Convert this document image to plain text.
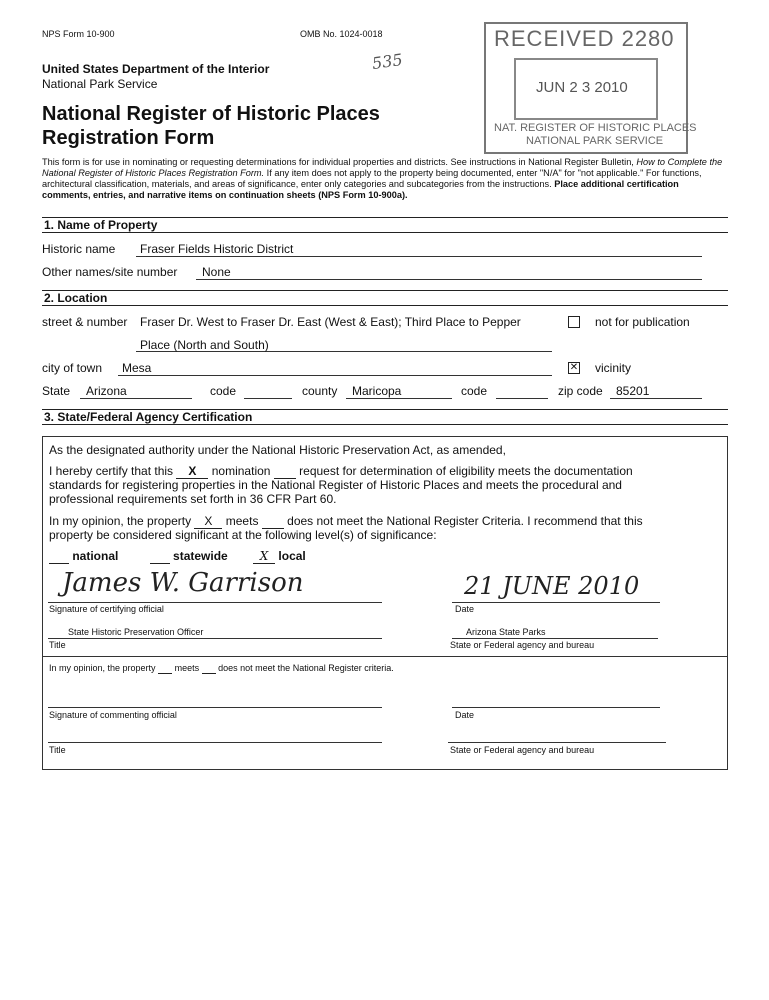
NPS Form 10-900	OMB No. 1024-0018
United States Department of the Interior
National Park Service
535
National Register of Historic Places
Registration Form
RECEIVED 2280
JUN 2 3 2010
NAT. REGISTER OF HISTORIC PLACES
NATIONAL PARK SERVICE
This form is for use in nominating or requesting determinations for individual properties and districts. See instructions in National Register Bulletin, How to Complete the National Register of Historic Places Registration Form. If any item does not apply to the property being documented, enter "N/A" for "not applicable." For functions, architectural classification, materials, and areas of significance, enter only categories and subcategories from the instructions. Place additional certification comments, entries, and narrative items on continuation sheets (NPS Form 10-900a).
1. Name of Property
Historic name Fraser Fields Historic District
Other names/site number None
2. Location
street & number Fraser Dr. West to Fraser Dr. East (West & East); Third Place to Pepper
Place (North and South)
not for publication
city of town Mesa	✕ vicinity
State Arizona	code	county Maricopa	code	zip code 85201
3. State/Federal Agency Certification
As the designated authority under the National Historic Preservation Act, as amended,
I hereby certify that this X nomination request for determination of eligibility meets the documentation
standards for registering properties in the National Register of Historic Places and meets the procedural and
professional requirements set forth in 36 CFR Part 60.
In my opinion, the property X meets does not meet the National Register Criteria. I recommend that this
property be considered significant at the following level(s) of significance:
national	statewide	X local
James W. Garrison
Signature of certifying official
21 JUNE 2010
Date
State Historic Preservation Officer
Title
Arizona State Parks
State or Federal agency and bureau
In my opinion, the property meets does not meet the National Register criteria.
Signature of commenting official	Date
Title	State or Federal agency and bureau
